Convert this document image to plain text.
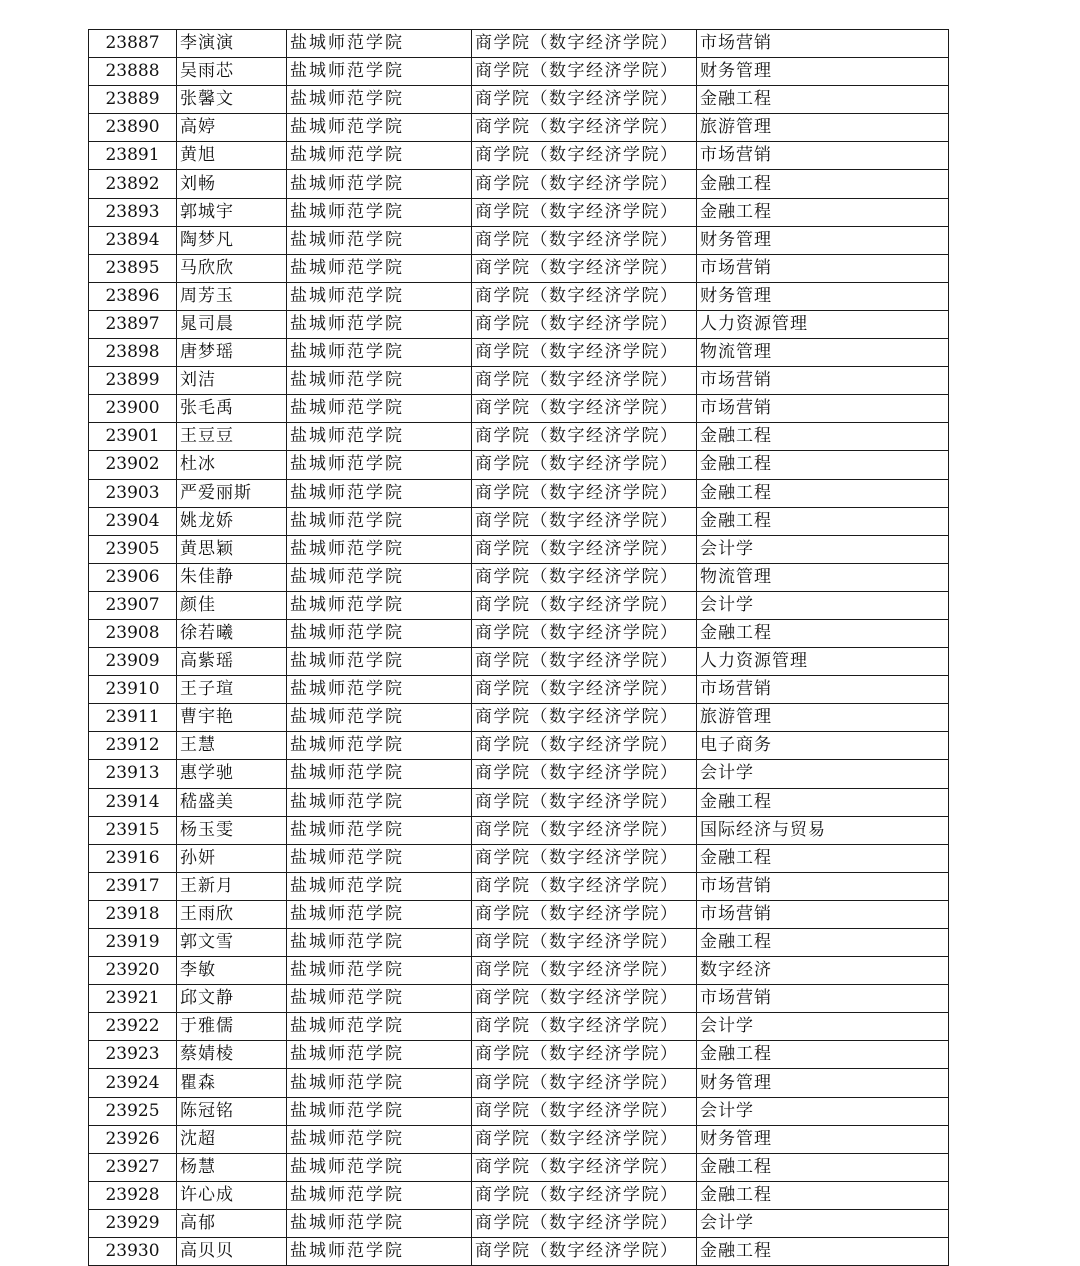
23887	李演演	盐城师范学院	商学院（数字经济学院）	市场营销
23888	吴雨芯	盐城师范学院	商学院（数字经济学院）	财务管理
23889	张馨文	盐城师范学院	商学院（数字经济学院）	金融工程
23890	高婷	盐城师范学院	商学院（数字经济学院）	旅游管理
23891	黄旭	盐城师范学院	商学院（数字经济学院）	市场营销
23892	刘畅	盐城师范学院	商学院（数字经济学院）	金融工程
23893	郭城宇	盐城师范学院	商学院（数字经济学院）	金融工程
23894	陶梦凡	盐城师范学院	商学院（数字经济学院）	财务管理
23895	马欣欣	盐城师范学院	商学院（数字经济学院）	市场营销
23896	周芳玉	盐城师范学院	商学院（数字经济学院）	财务管理
23897	晁司晨	盐城师范学院	商学院（数字经济学院）	人力资源管理
23898	唐梦瑶	盐城师范学院	商学院（数字经济学院）	物流管理
23899	刘洁	盐城师范学院	商学院（数字经济学院）	市场营销
23900	张毛禹	盐城师范学院	商学院（数字经济学院）	市场营销
23901	王豆豆	盐城师范学院	商学院（数字经济学院）	金融工程
23902	杜冰	盐城师范学院	商学院（数字经济学院）	金融工程
23903	严爱丽斯	盐城师范学院	商学院（数字经济学院）	金融工程
23904	姚龙娇	盐城师范学院	商学院（数字经济学院）	金融工程
23905	黄思颖	盐城师范学院	商学院（数字经济学院）	会计学
23906	朱佳静	盐城师范学院	商学院（数字经济学院）	物流管理
23907	颜佳	盐城师范学院	商学院（数字经济学院）	会计学
23908	徐若曦	盐城师范学院	商学院（数字经济学院）	金融工程
23909	高紫瑶	盐城师范学院	商学院（数字经济学院）	人力资源管理
23910	王子瑄	盐城师范学院	商学院（数字经济学院）	市场营销
23911	曹宇艳	盐城师范学院	商学院（数字经济学院）	旅游管理
23912	王慧	盐城师范学院	商学院（数字经济学院）	电子商务
23913	惠学驰	盐城师范学院	商学院（数字经济学院）	会计学
23914	嵇盛美	盐城师范学院	商学院（数字经济学院）	金融工程
23915	杨玉雯	盐城师范学院	商学院（数字经济学院）	国际经济与贸易
23916	孙妍	盐城师范学院	商学院（数字经济学院）	金融工程
23917	王新月	盐城师范学院	商学院（数字经济学院）	市场营销
23918	王雨欣	盐城师范学院	商学院（数字经济学院）	市场营销
23919	郭文雪	盐城师范学院	商学院（数字经济学院）	金融工程
23920	李敏	盐城师范学院	商学院（数字经济学院）	数字经济
23921	邱文静	盐城师范学院	商学院（数字经济学院）	市场营销
23922	于雅儒	盐城师范学院	商学院（数字经济学院）	会计学
23923	蔡婧棱	盐城师范学院	商学院（数字经济学院）	金融工程
23924	瞿森	盐城师范学院	商学院（数字经济学院）	财务管理
23925	陈冠铭	盐城师范学院	商学院（数字经济学院）	会计学
23926	沈超	盐城师范学院	商学院（数字经济学院）	财务管理
23927	杨慧	盐城师范学院	商学院（数字经济学院）	金融工程
23928	许心成	盐城师范学院	商学院（数字经济学院）	金融工程
23929	高郁	盐城师范学院	商学院（数字经济学院）	会计学
23930	高贝贝	盐城师范学院	商学院（数字经济学院）	金融工程
